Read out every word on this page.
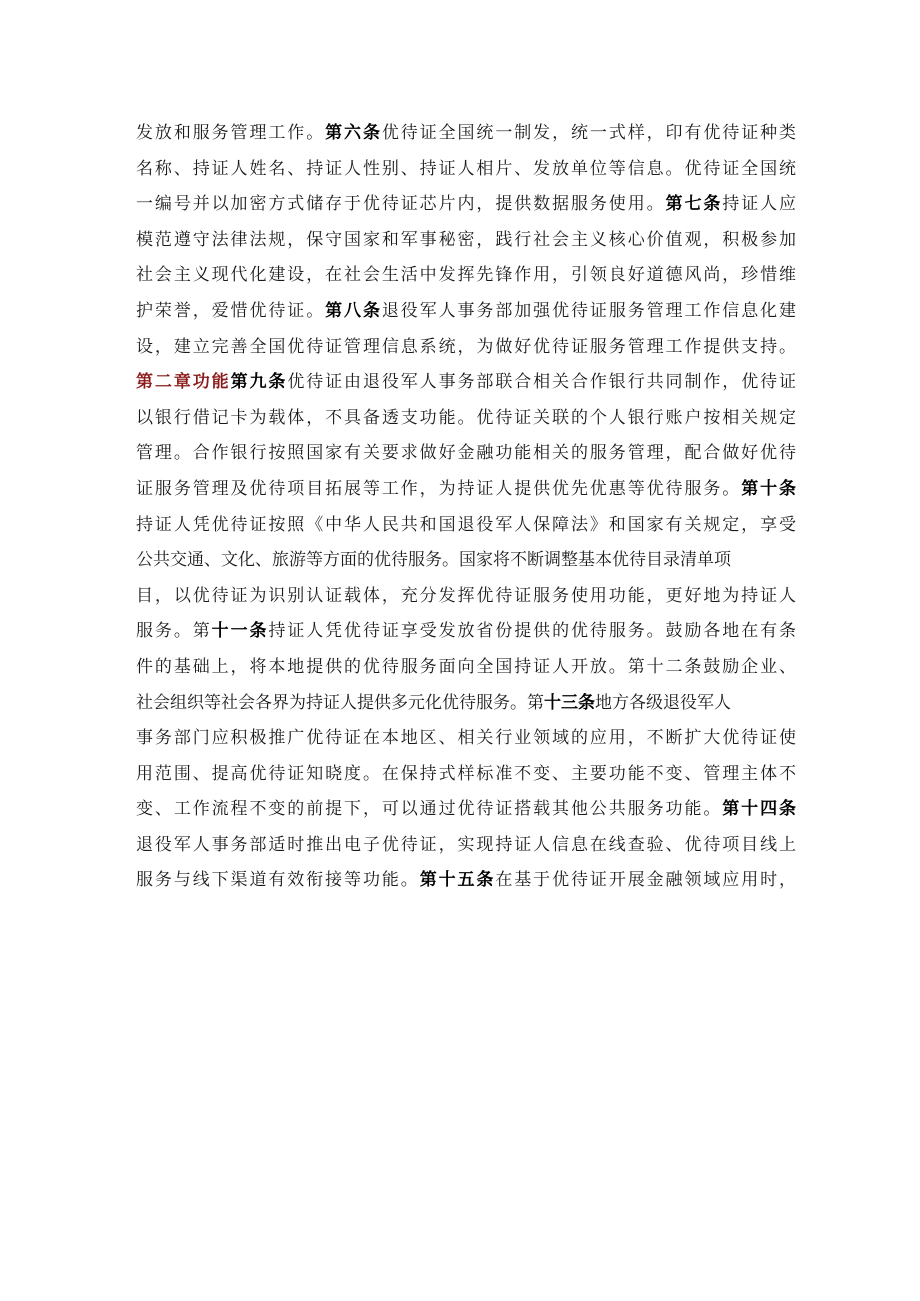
发放和服务管理工作。第六条优待证全国统一制发，统一式样，印有优待证种类
名称、持证人姓名、持证人性别、持证人相片、发放单位等信息。优待证全国统
一编号并以加密方式储存于优待证芯片内，提供数据服务使用。第七条持证人应
模范遵守法律法规，保守国家和军事秘密，践行社会主义核心价值观，积极参加
社会主义现代化建设，在社会生活中发挥先锋作用，引领良好道德风尚，珍惜维
护荣誉，爱惜优待证。第八条退役军人事务部加强优待证服务管理工作信息化建
设，建立完善全国优待证管理信息系统，为做好优待证服务管理工作提供支持。
第二章功能第九条优待证由退役军人事务部联合相关合作银行共同制作，优待证
以银行借记卡为载体，不具备透支功能。优待证关联的个人银行账户按相关规定
管理。合作银行按照国家有关要求做好金融功能相关的服务管理，配合做好优待
证服务管理及优待项目拓展等工作，为持证人提供优先优惠等优待服务。第十条
持证人凭优待证按照《中华人民共和国退役军人保障法》和国家有关规定，享受
公共交通、文化、旅游等方面的优待服务。国家将不断调整基本优待目录清单项
目，以优待证为识别认证载体，充分发挥优待证服务使用功能，更好地为持证人
服务。第十一条持证人凭优待证享受发放省份提供的优待服务。鼓励各地在有条
件的基础上，将本地提供的优待服务面向全国持证人开放。第十二条鼓励企业、
社会组织等社会各界为持证人提供多元化优待服务。第十三条地方各级退役军人
事务部门应积极推广优待证在本地区、相关行业领域的应用，不断扩大优待证使
用范围、提高优待证知晓度。在保持式样标准不变、主要功能不变、管理主体不
变、工作流程不变的前提下，可以通过优待证搭载其他公共服务功能。第十四条
退役军人事务部适时推出电子优待证，实现持证人信息在线查验、优待项目线上
服务与线下渠道有效衔接等功能。第十五条在基于优待证开展金融领域应用时，
